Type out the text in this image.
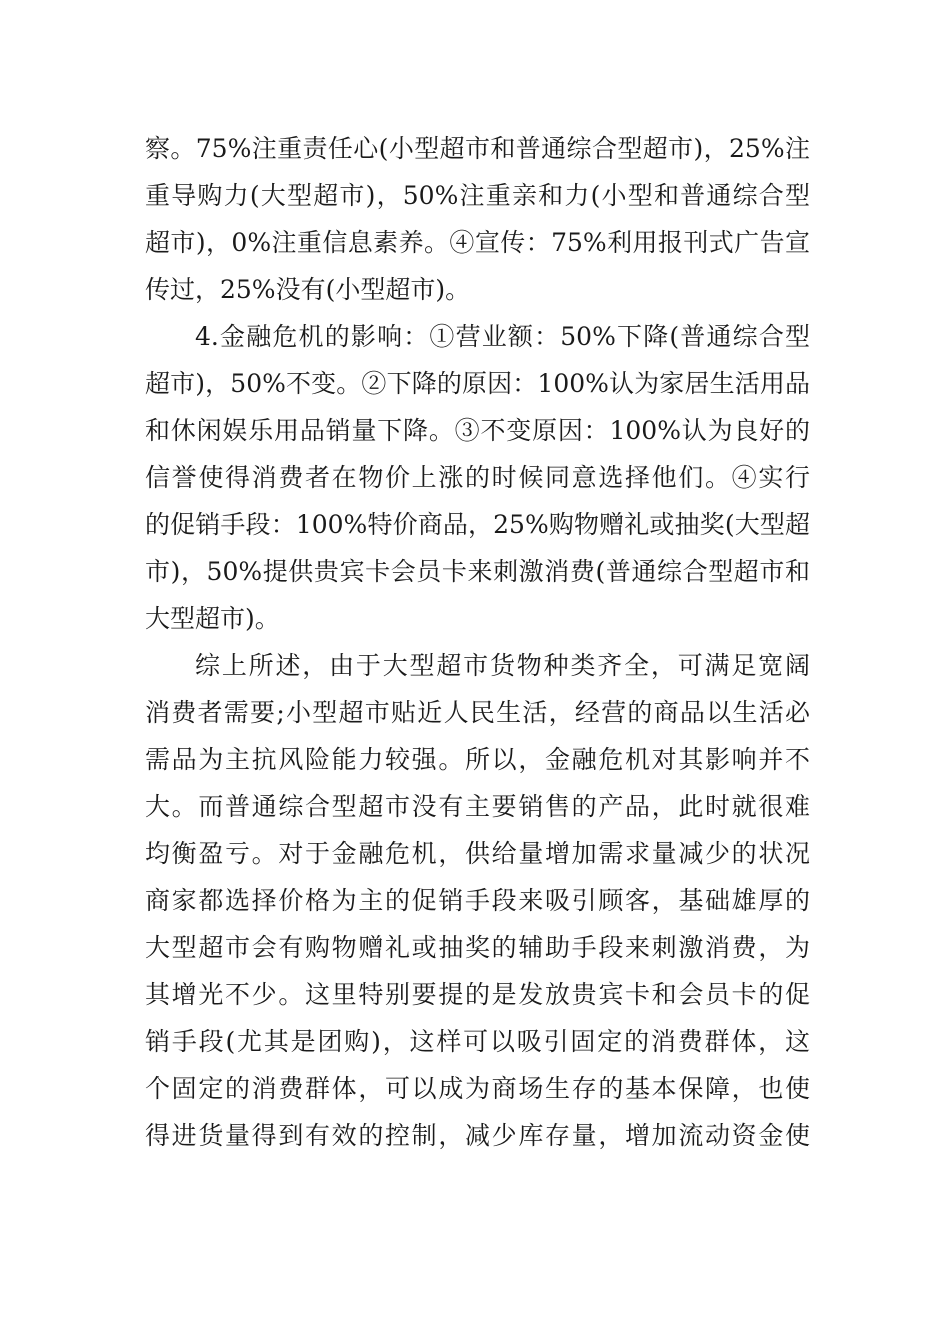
察。75%注重责任心(小型超市和普通综合型超市)，25%注
重导购力(大型超市)，50%注重亲和力(小型和普通综合型
超市)，0%注重信息素养。④宣传：75%利用报刊式广告宣
传过，25%没有(小型超市)。
4.金融危机的影响：①营业额：50%下降(普通综合型
超市)，50%不变。②下降的原因：100%认为家居生活用品
和休闲娱乐用品销量下降。③不变原因：100%认为良好的
信誉使得消费者在物价上涨的时候同意选择他们。④实行
的促销手段：100%特价商品，25%购物赠礼或抽奖(大型超
市)，50%提供贵宾卡会员卡来刺激消费(普通综合型超市和
大型超市)。
综上所述，由于大型超市货物种类齐全，可满足宽阔
消费者需要;小型超市贴近人民生活，经营的商品以生活必
需品为主抗风险能力较强。所以，金融危机对其影响并不
大。而普通综合型超市没有主要销售的产品，此时就很难
均衡盈亏。对于金融危机，供给量增加需求量减少的状况
商家都选择价格为主的促销手段来吸引顾客，基础雄厚的
大型超市会有购物赠礼或抽奖的辅助手段来刺激消费，为
其增光不少。这里特别要提的是发放贵宾卡和会员卡的促
销手段(尤其是团购)，这样可以吸引固定的消费群体，这
个固定的消费群体，可以成为商场生存的基本保障，也使
得进货量得到有效的控制，减少库存量，增加流动资金使
